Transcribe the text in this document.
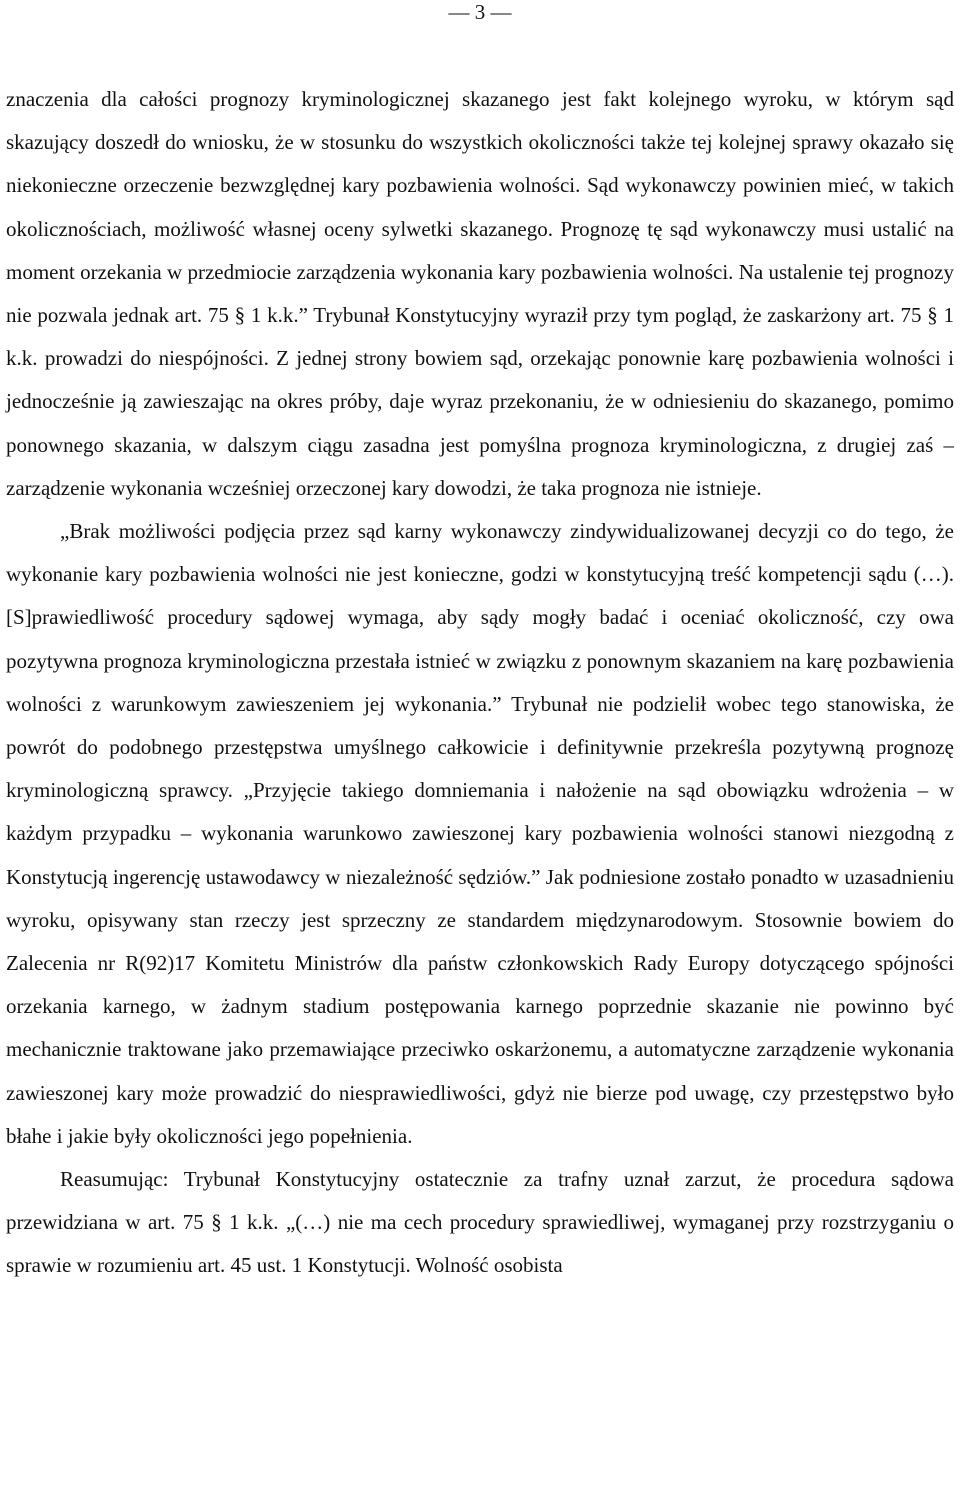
— 3 —

znaczenia dla całości prognozy kryminologicznej skazanego jest fakt kolejnego wyroku, w którym sąd skazujący doszedł do wniosku, że w stosunku do wszystkich okoliczności także tej kolejnej sprawy okazało się niekonieczne orzeczenie bezwzględnej kary pozbawienia wolności. Sąd wykonawczy powinien mieć, w takich okolicznościach, możliwość własnej oceny sylwetki skazanego. Prognozę tę sąd wykonawczy musi ustalić na moment orzekania w przedmiocie zarządzenia wykonania kary pozbawienia wolności. Na ustalenie tej prognozy nie pozwala jednak art. 75 § 1 k.k.” Trybunał Konstytucyjny wyraził przy tym pogląd, że zaskarżony art. 75 § 1 k.k. prowadzi do niespójności. Z jednej strony bowiem sąd, orzekając ponownie karę pozbawienia wolności i jednocześnie ją zawieszając na okres próby, daje wyraz przekonaniu, że w odniesieniu do skazanego, pomimo ponownego skazania, w dalszym ciągu zasadna jest pomyślna prognoza kryminologiczna, z drugiej zaś – zarządzenie wykonania wcześniej orzeczonej kary dowodzi, że taka prognoza nie istnieje.

„Brak możliwości podjęcia przez sąd karny wykonawczy zindywidualizowanej decyzji co do tego, że wykonanie kary pozbawienia wolności nie jest konieczne, godzi w konstytucyjną treść kompetencji sądu (…). [S]prawiedliwość procedury sądowej wymaga, aby sądy mogły badać i oceniać okoliczność, czy owa pozytywna prognoza kryminologiczna przestała istnieć w związku z ponownym skazaniem na karę pozbawienia wolności z warunkowym zawieszeniem jej wykonania.” Trybunał nie podzielił wobec tego stanowiska, że powrót do podobnego przestępstwa umyślnego całkowicie i definitywnie przekreśla pozytywną prognozę kryminologiczną sprawcy. „Przyjęcie takiego domniemania i nałożenie na sąd obowiązku wdrożenia – w każdym przypadku – wykonania warunkowo zawieszonej kary pozbawienia wolności stanowi niezgodną z Konstytucją ingerencję ustawodawcy w niezależność sędziów.” Jak podniesione zostało ponadto w uzasadnieniu wyroku, opisywany stan rzeczy jest sprzeczny ze standardem międzynarodowym. Stosownie bowiem do Zalecenia nr R(92)17 Komitetu Ministrów dla państw członkowskich Rady Europy dotyczącego spójności orzekania karnego, w żadnym stadium postępowania karnego poprzednie skazanie nie powinno być mechanicznie traktowane jako przemawiające przeciwko oskarżonemu, a automatyczne zarządzenie wykonania zawieszonej kary może prowadzić do niesprawiedliwości, gdyż nie bierze pod uwagę, czy przestępstwo było błahe i jakie były okoliczności jego popełnienia.

Reasumując: Trybunał Konstytucyjny ostatecznie za trafny uznał zarzut, że procedura sądowa przewidziana w art. 75 § 1 k.k. „(…) nie ma cech procedury sprawiedliwej, wymaganej przy rozstrzyganiu o sprawie w rozumieniu art. 45 ust. 1 Konstytucji. Wolność osobista
